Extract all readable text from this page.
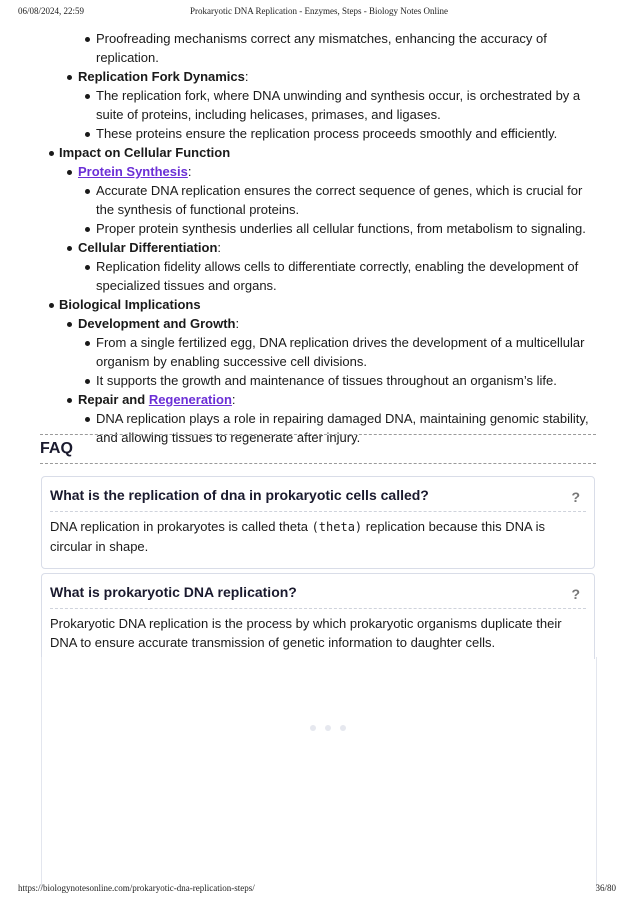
06/08/2024, 22:59	Prokaryotic DNA Replication - Enzymes, Steps - Biology Notes Online
Proofreading mechanisms correct any mismatches, enhancing the accuracy of replication.
Replication Fork Dynamics:
The replication fork, where DNA unwinding and synthesis occur, is orchestrated by a suite of proteins, including helicases, primases, and ligases.
These proteins ensure the replication process proceeds smoothly and efficiently.
Impact on Cellular Function
Protein Synthesis:
Accurate DNA replication ensures the correct sequence of genes, which is crucial for the synthesis of functional proteins.
Proper protein synthesis underlies all cellular functions, from metabolism to signaling.
Cellular Differentiation:
Replication fidelity allows cells to differentiate correctly, enabling the development of specialized tissues and organs.
Biological Implications
Development and Growth:
From a single fertilized egg, DNA replication drives the development of a multicellular organism by enabling successive cell divisions.
It supports the growth and maintenance of tissues throughout an organism’s life.
Repair and Regeneration:
DNA replication plays a role in repairing damaged DNA, maintaining genomic stability, and allowing tissues to regenerate after injury.
FAQ
What is the replication of dna in prokaryotic cells called?	?
DNA replication in prokaryotes is called theta (theta) replication because this DNA is circular in shape.
What is prokaryotic DNA replication?	?
Prokaryotic DNA replication is the process by which prokaryotic organisms duplicate their DNA to ensure accurate transmission of genetic information to daughter cells.
https://biologynotesonline.com/prokaryotic-dna-replication-steps/	36/80
